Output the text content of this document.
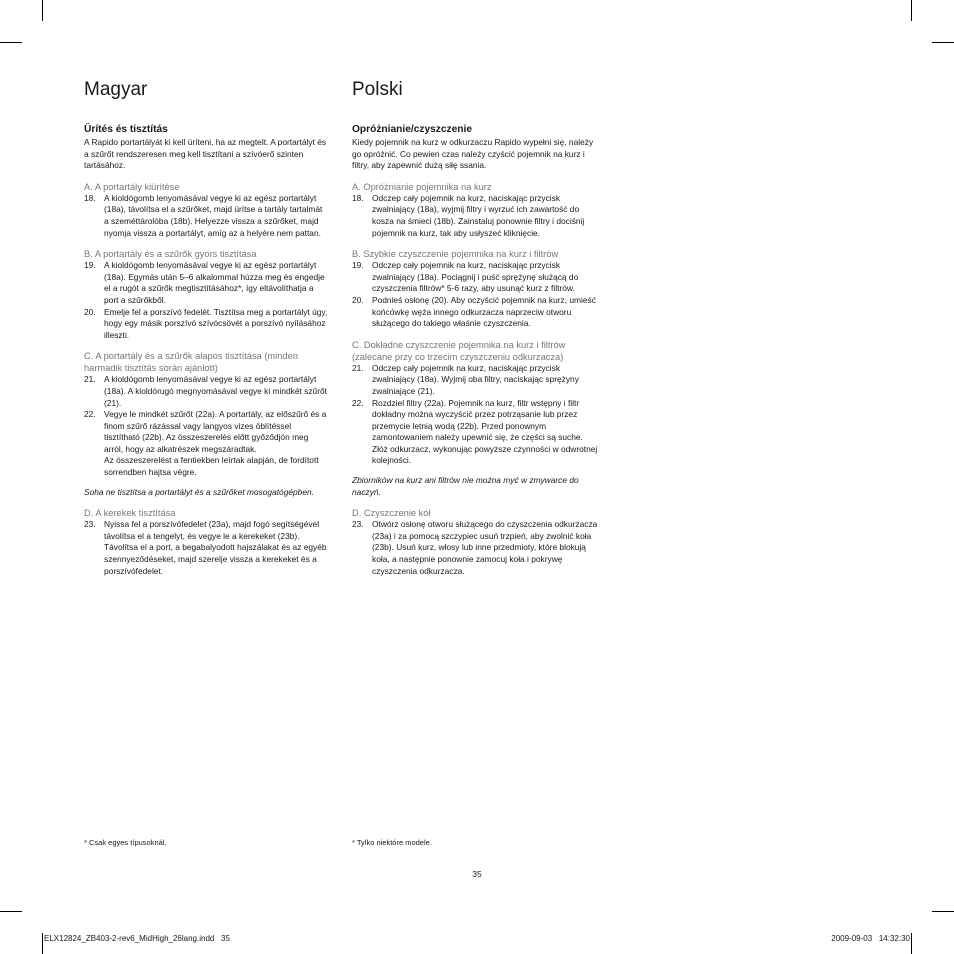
Magyar
Ürítés és tisztítás

A Rapido portartályát ki kell üríteni, ha az megtelt. A portartályt és a szűrőt rendszeresen meg kell tisztítani a szívóerő szinten tartásához.

A. A portartály kiürítése
18. A kioldógomb lenyomásával vegye ki az egész portartályt (18a), távolítsa el a szűrőket, majd ürítse a tartály tartalmát a szeméttárolóba (18b). Helyezze vissza a szűrőket, majd nyomja vissza a portartályt, amíg az a helyére nem pattan.
B. A portartály és a szűrők gyors tisztítása
19. A kioldógomb lenyomásával vegye ki az egész portartályt (18a). Egymás után 5–6 alkalommal húzza meg és engedje el a rugót a szűrők megtisztításához*, így eltávolíthatja a port a szűrőkből.
20. Emelje fel a porszívó fedelét. Tisztítsa meg a portartályt úgy, hogy egy másik porszívó szívócsövét a porszívó nyílásához illeszti.
C. A portartály és a szűrők alapos tisztítása (minden harmadik tisztítás során ajánlott)
21. A kioldógomb lenyomásával vegye ki az egész portartályt (18a). A kioldórugó megnyomásával vegye ki mindkét szűrőt (21).
22. Vegye le mindkét szűrőt (22a). A portartály, az előszűrő és a finom szűrő rázással vagy langyos vizes öblítéssel tisztítható (22b). Az összeszerelés előtt győződjön meg arról, hogy az alkatrészek megszáradtak.
Az összeszerelést a fentiekben leírtak alapján, de fordított sorrendben hajtsa végre.

Soha ne tisztítsa a portartályt és a szűrőket mosogatógépben.

D. A kerekek tisztítása
23. Nyissa fel a porszívófedelet (23a), majd fogó segítségével távolítsa el a tengelyt, és vegye le a kerekeket (23b). Távolítsa el a port, a begabalyodott hajszálakat és az egyéb szennyeződéseket, majd szerelje vissza a kerekeket és a porszívófedelet.
Polski
Opróżnianie/czyszczenie

Kiedy pojemnik na kurz w odkurzaczu Rapido wypełni się, należy go opróżnić. Co pewien czas należy czyścić pojemnik na kurz i filtry, aby zapewnić dużą siłę ssania.

A. Opróżnianie pojemnika na kurz
18. Odczep cały pojemnik na kurz, naciskając przycisk zwalniający (18a), wyjmij filtry i wyrzuć ich zawartość do kosza na śmieci (18b). Zainstaluj ponownie filtry i dociśnij pojemnik na kurz, tak aby usłyszeć kliknięcie.
B. Szybkie czyszczenie pojemnika na kurz i filtrów
19. Odczep cały pojemnik na kurz, naciskając przycisk zwalniający (18a). Pociągnij i puść sprężynę służącą do czyszczenia filtrów* 5-6 razy, aby usunąć kurz z filtrów.
20. Podnieś osłonę (20). Aby oczyścić pojemnik na kurz, umieść końcówkę węża innego odkurzacza naprzeciw otworu służącego do takiego właśnie czyszczenia.
C. Dokładne czyszczenie pojemnika na kurz i filtrów (zalecane przy co trzecim czyszczeniu odkurzacza)
21. Odczep cały pojemnik na kurz, naciskając przycisk zwalniający (18a). Wyjmij oba filtry, naciskając sprężyny zwalniające (21).
22. Rozdziel filtry (22a). Pojemnik na kurz, filtr wstępny i filtr dokładny można wyczyścić przez potrząsanie lub przez przemycie letnią wodą (22b). Przed ponownym zamontowaniem należy upewnić się, że części są suche.
Złóż odkurzacz, wykonując powyższe czynności w odwrotnej kolejności.

Zbiorników na kurz ani filtrów nie można myć w zmywarce do naczyń.

D. Czyszczenie kół
23. Otwórz osłonę otworu służącego do czyszczenia odkurzacza (23a) i za pomocą szczypiec usuń trzpień, aby zwolnić koła (23b). Usuń kurz, włosy lub inne przedmioty, które blokują koła, a następnie ponownie zamocuj koła i pokrywę czyszczenia odkurzacza.
* Csak egyes típusoknál.	* Tylko niektóre modele.
35
ELX12824_ZB403-2-rev6_MidHigh_26lang.indd   35	2009-09-03   14:32:30
